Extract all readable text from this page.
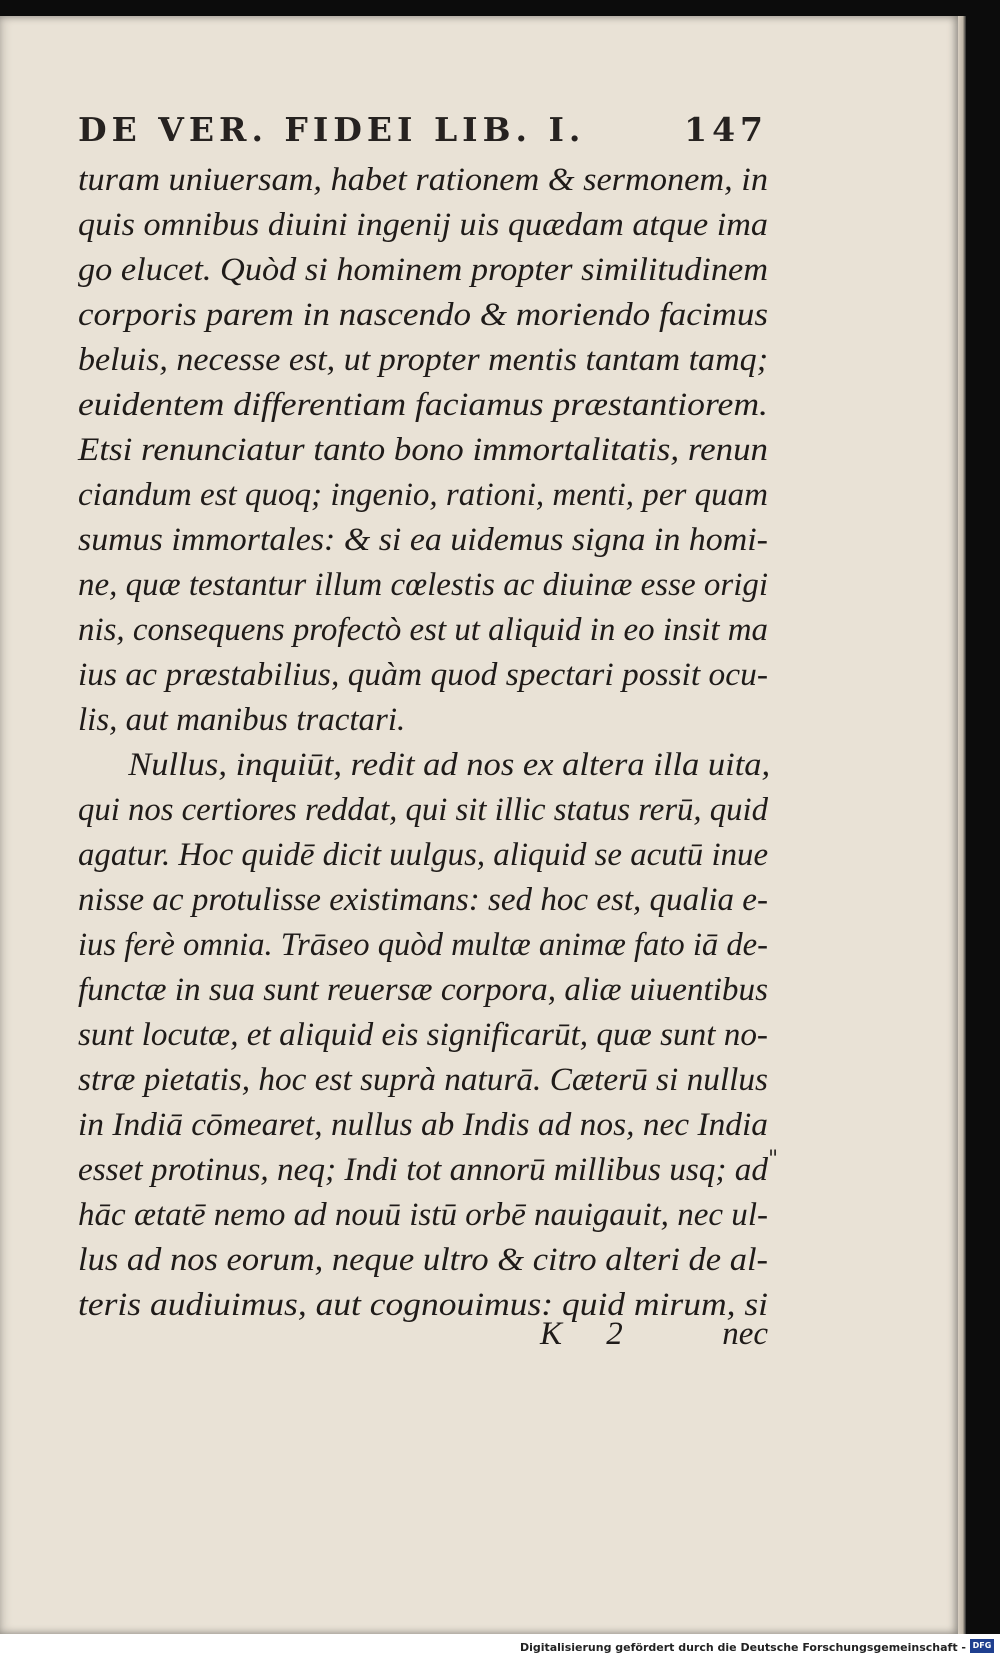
DE VER. FIDEI LIB. I.	147
turam uniuersam, habet rationem & sermonem, in
quis omnibus diuini ingenij uis quædam atque ima
go elucet. Quòd si hominem propter similitudinem
corporis parem in nascendo & moriendo facimus
beluis, necesse est, ut propter mentis tantam tamq;
euidentem differentiam faciamus præstantiorem.
Etsi renunciatur tanto bono immortalitatis, renun
ciandum est quoq; ingenio, rationi, menti, per quam
sumus immortales: & si ea uidemus signa in homi-
ne, quæ testantur illum cœlestis ac diuinæ esse origi
nis, consequens profectò est ut aliquid in eo insit ma
ius ac præstabilius, quàm quod spectari possit ocu-
lis, aut manibus tractari.
Nullus, inquiūt, redit ad nos ex altera illa uita,
qui nos certiores reddat, qui sit illic status rerū, quid
agatur. Hoc quidē dicit uulgus, aliquid se acutū inue
nisse ac protulisse existimans: sed hoc est, qualia e-
ius ferè omnia. Trāseo quòd multæ animæ fato iā de-
functæ in sua sunt reuersæ corpora, aliæ uiuentibus
sunt locutæ, et aliquid eis significarūt, quæ sunt no-
stræ pietatis, hoc est suprà naturā. Cæterū si nullus
in Indiā cōmearet, nullus ab Indis ad nos, nec India
esset protinus, neq; Indi tot annorū millibus usq; ad
hāc ætatē nemo ad nouū istū orbē nauigauit, nec ul-
lus ad nos eorum, neque ultro & citro alteri de al-
teris audiuimus, aut cognouimus: quid mirum, si
"
K 2 nec
Digitalisierung gefördert durch die Deutsche Forschungsgemeinschaft - DFG
